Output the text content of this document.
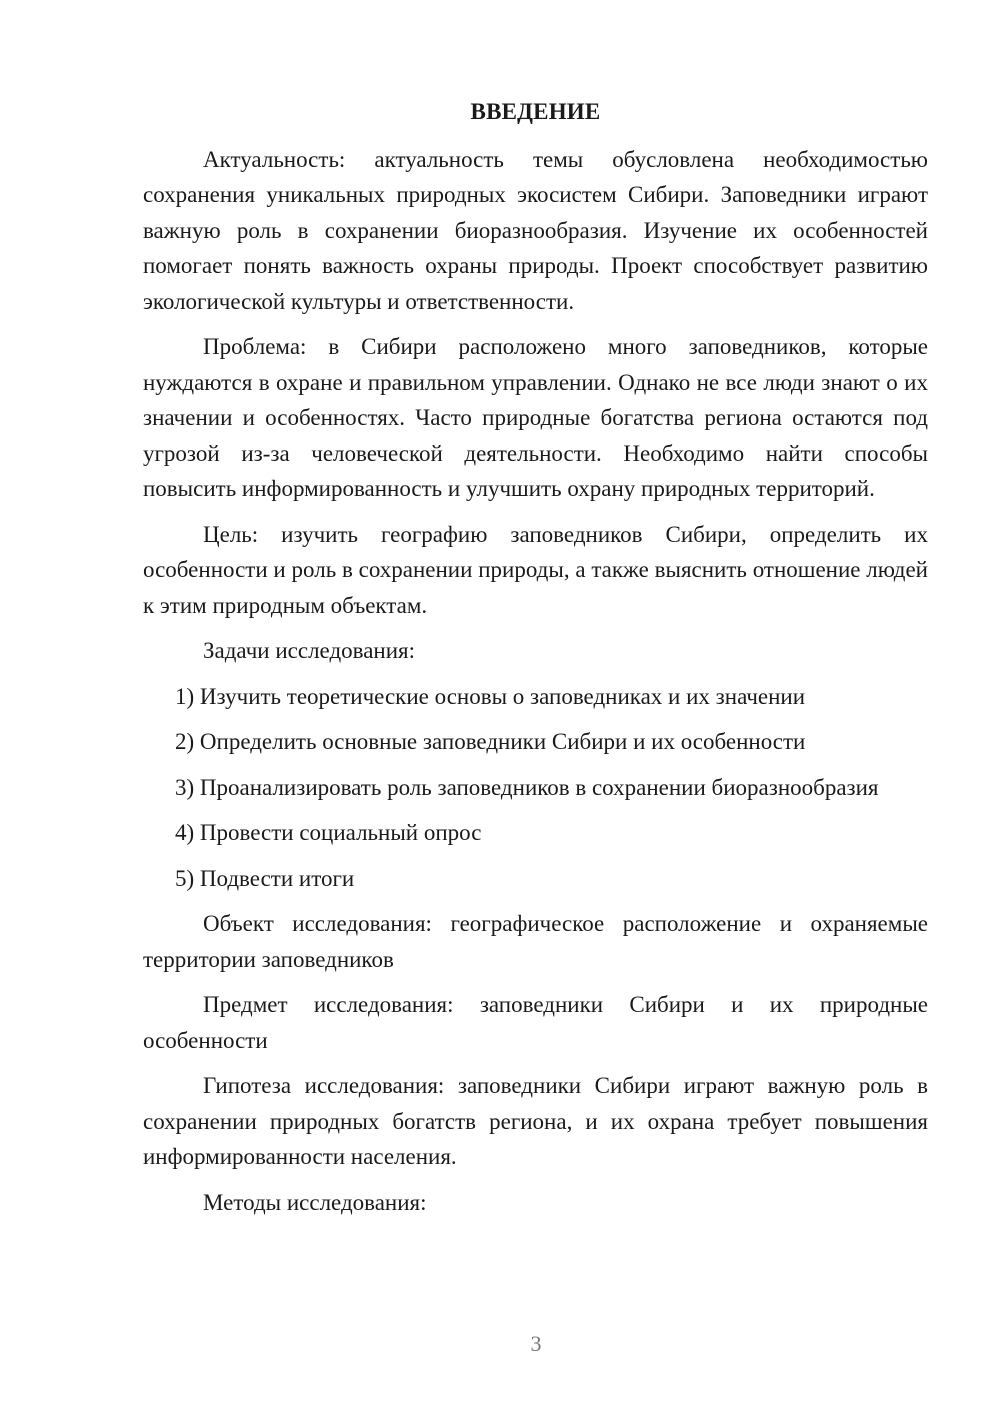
ВВЕДЕНИЕ

Актуальность: актуальность темы обусловлена необходимостью сохранения уникальных природных экосистем Сибири. Заповедники играют важную роль в сохранении биоразнообразия. Изучение их особенностей помогает понять важность охраны природы. Проект способствует развитию экологической культуры и ответственности.

Проблема: в Сибири расположено много заповедников, которые нуждаются в охране и правильном управлении. Однако не все люди знают о их значении и особенностях. Часто природные богатства региона остаются под угрозой из-за человеческой деятельности. Необходимо найти способы повысить информированность и улучшить охрану природных территорий.

Цель: изучить географию заповедников Сибири, определить их особенности и роль в сохранении природы, а также выяснить отношение людей к этим природным объектам.

Задачи исследования:

1) Изучить теоретические основы о заповедниках и их значении

2) Определить основные заповедники Сибири и их особенности

3) Проанализировать роль заповедников в сохранении биоразнообразия

4) Провести социальный опрос

5) Подвести итоги

Объект исследования: географическое расположение и охраняемые территории заповедников

Предмет исследования: заповедники Сибири и их природные особенности

Гипотеза исследования: заповедники Сибири играют важную роль в сохранении природных богатств региона, и их охрана требует повышения информированности населения.

Методы исследования:

3
